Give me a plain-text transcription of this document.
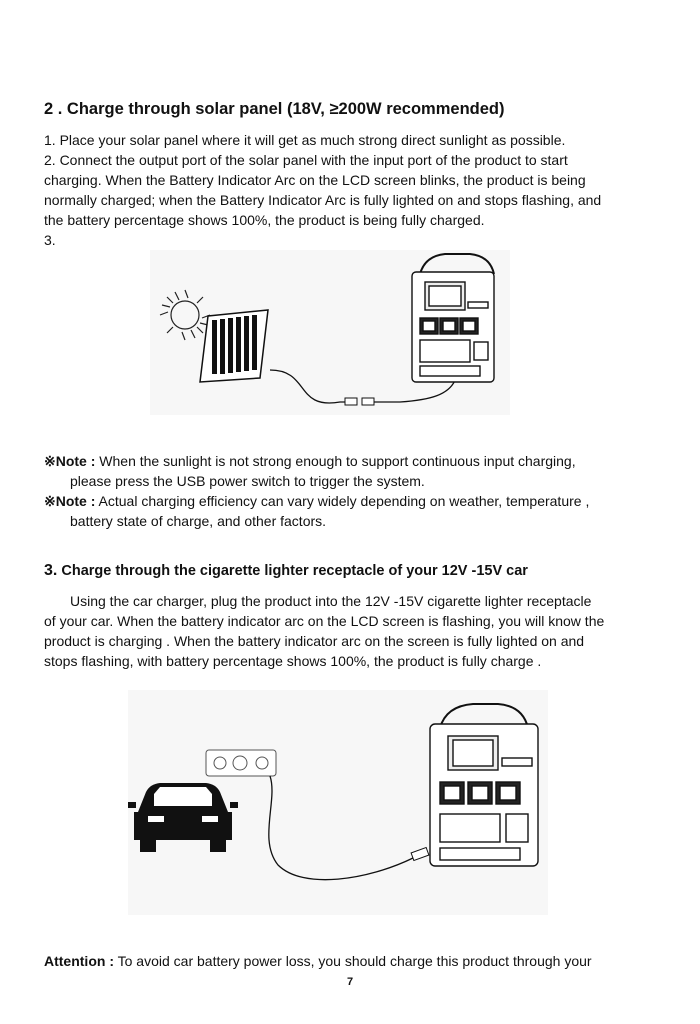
2 . Charge through solar panel (18V, ≥200W recommended)
1. Place your solar panel where it will get as much strong direct sunlight as possible.
2. Connect the output port of the solar panel with the input port of the product to start
charging. When the Battery Indicator Arc on the LCD screen blinks, the product is being
normally charged; when the Battery Indicator Arc is fully lighted on and stops flashing, and
the battery percentage shows 100%, the product is being fully charged.
3.
※Note : When the sunlight is not strong enough to support continuous input charging,
please press the USB power switch to trigger the system.
※Note : Actual charging efficiency can vary widely depending on weather, temperature ,
battery state of charge, and other factors.
3. Charge through the cigarette lighter receptacle of your 12V -15V car
Using the car charger, plug the product into the 12V -15V cigarette lighter receptacle
of your car. When the battery indicator arc on the LCD screen is flashing, you will know the
product is charging . When the battery indicator arc on the screen is fully lighted on and
stops flashing, with battery percentage shows 100%, the product is fully charge .
Attention : To avoid car battery power loss, you should charge this product through your
7
